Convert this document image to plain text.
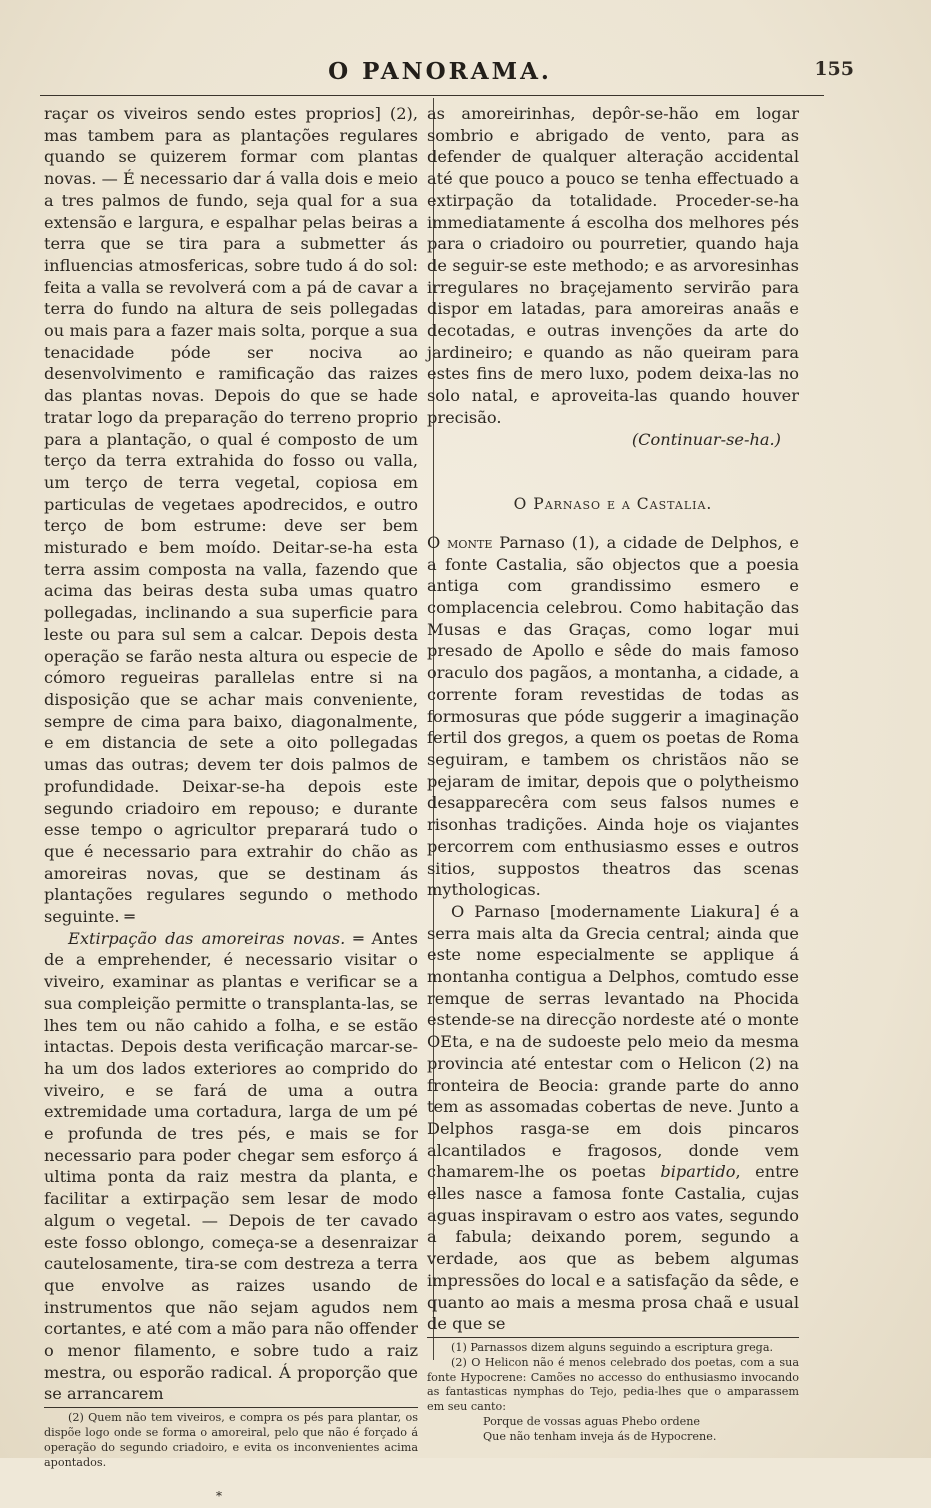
O PANORAMA.	155

raçar os viveiros sendo estes proprios] (2), mas tambem para as plantações regulares quando se quizerem formar com plantas novas. — É necessario dar á valla dois e meio a tres palmos de fundo, seja qual for a sua extensão e largura, e espalhar pelas beiras a terra que se tira para a submetter ás influencias atmosfericas, sobre tudo á do sol: feita a valla se revolverá com a pá de cavar a terra do fundo na altura de seis pollegadas ou mais para a fazer mais solta, porque a sua tenacidade póde ser nociva ao desenvolvimento e ramificação das raizes das plantas novas. Depois do que se hade tratar logo da preparação do terreno proprio para a plantação, o qual é composto de um terço da terra extrahida do fosso ou valla, um terço de terra vegetal, copiosa em particulas de vegetaes apodrecidos, e outro terço de bom estrume: deve ser bem misturado e bem moído. Deitar-se-ha esta terra assim composta na valla, fazendo que acima das beiras desta suba umas quatro pollegadas, inclinando a sua superficie para leste ou para sul sem a calcar. Depois desta operação se farão nesta altura ou especie de cómoro regueiras parallelas entre si na disposição que se achar mais conveniente, sempre de cima para baixo, diagonalmente, e em distancia de sete a oito pollegadas umas das outras; devem ter dois palmos de profundidade. Deixar-se-ha depois este segundo criadoiro em repouso; e durante esse tempo o agricultor preparará tudo o que é necessario para extrahir do chão as amoreiras novas, que se destinam ás plantações regulares segundo o methodo seguinte. ═

Extirpação das amoreiras novas. ═ Antes de a emprehender, é necessario visitar o viveiro, examinar as plantas e verificar se a sua compleição permitte o transplanta-las, se lhes tem ou não cahido a folha, e se estão intactas. Depois desta verificação marcar-se-ha um dos lados exteriores ao comprido do viveiro, e se fará de uma a outra extremidade uma cortadura, larga de um pé e profunda de tres pés, e mais se for necessario para poder chegar sem esforço á ultima ponta da raiz mestra da planta, e facilitar a extirpação sem lesar de modo algum o vegetal. — Depois de ter cavado este fosso oblongo, começa-se a desenraizar cautelosamente, tira-se com destreza a terra que envolve as raizes usando de instrumentos que não sejam agudos nem cortantes, e até com a mão para não offender o menor filamento, e sobre tudo a raiz mestra, ou esporão radical. Á proporção que se arrancarem

(2) Quem não tem viveiros, e compra os pés para plantar, os dispõe logo onde se forma o amoreiral, pelo que não é forçado á operação do segundo criadoiro, e evita os inconvenientes acima apontados.

*

as amoreirinhas, depôr-se-hão em logar sombrio e abrigado de vento, para as defender de qualquer alteração accidental até que pouco a pouco se tenha effectuado a extirpação da totalidade. Proceder-se-ha immediatamente á escolha dos melhores pés para o criadoiro ou pourretier, quando haja de seguir-se este methodo; e as arvoresinhas irregulares no braçejamento servirão para dispor em latadas, para amoreiras anaãs e decotadas, e outras invenções da arte do jardineiro; e quando as não queiram para estes fins de mero luxo, podem deixa-las no solo natal, e aproveita-las quando houver precisão.

(Continuar-se-ha.)

O Parnaso e a Castalia.

O monte Parnaso (1), a cidade de Delphos, e a fonte Castalia, são objectos que a poesia antiga com grandissimo esmero e complacencia celebrou. Como habitação das Musas e das Graças, como logar mui presado de Apollo e sêde do mais famoso oraculo dos pagãos, a montanha, a cidade, a corrente foram revestidas de todas as formosuras que póde suggerir a imaginação fertil dos gregos, a quem os poetas de Roma seguiram, e tambem os christãos não se pejaram de imitar, depois que o polytheismo desapparecêra com seus falsos numes e risonhas tradições. Ainda hoje os viajantes percorrem com enthusiasmo esses e outros sitios, suppostos theatros das scenas mythologicas.

O Parnaso [modernamente Liakura] é a serra mais alta da Grecia central; ainda que este nome especialmente se applique á montanha contigua a Delphos, comtudo esse remque de serras levantado na Phocida estende-se na direcção nordeste até o monte OEta, e na de sudoeste pelo meio da mesma provincia até entestar com o Helicon (2) na fronteira de Beocia: grande parte do anno tem as assomadas cobertas de neve. Junto a Delphos rasga-se em dois pincaros alcantilados e fragosos, donde vem chamarem-lhe os poetas bipartido, entre elles nasce a famosa fonte Castalia, cujas aguas inspiravam o estro aos vates, segundo a fabula; deixando porem, segundo a verdade, aos que as bebem algumas impressões do local e a satisfação da sêde, e quanto ao mais a mesma prosa chaã e usual de que se

(1) Parnassos dizem alguns seguindo a escriptura grega.

(2) O Helicon não é menos celebrado dos poetas, com a sua fonte Hypocrene: Camões no accesso do enthusiasmo invocando as fantasticas nymphas do Tejo, pedia-lhes que o amparassem em seu canto:

Porque de vossas aguas Phebo ordene

Que não tenham inveja ás de Hypocrene.
